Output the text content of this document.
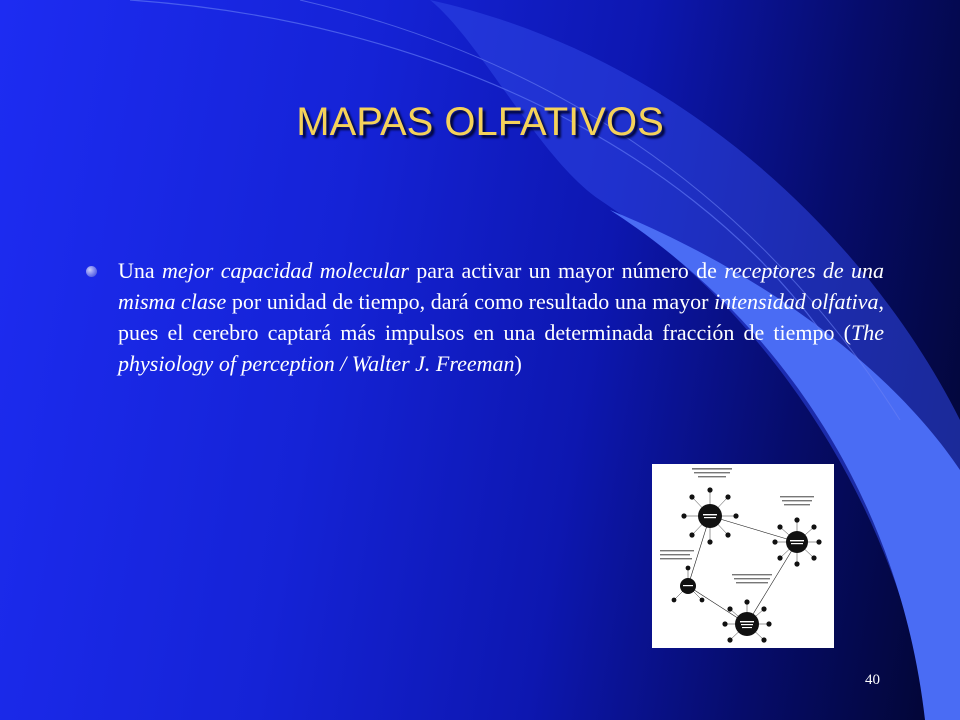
MAPAS OLFATIVOS

Una mejor capacidad molecular para activar un mayor número de receptores de una misma clase por unidad de tiempo, dará como resultado una mayor intensidad olfativa, pues el cerebro captará más impulsos en una determinada fracción de tiempo (The physiology of perception / Walter J. Freeman)

40
